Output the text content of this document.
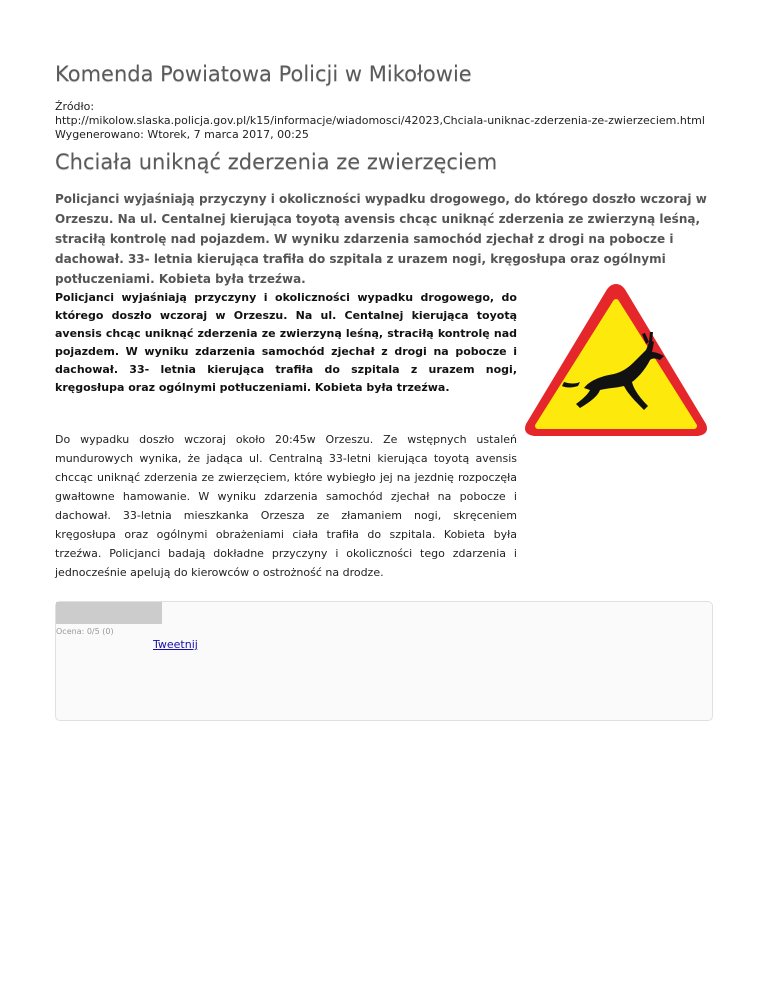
Komenda Powiatowa Policji w Mikołowie
Źródło:
http://mikolow.slaska.policja.gov.pl/k15/informacje/wiadomosci/42023,Chciala-uniknac-zderzenia-ze-zwierzeciem.html
Wygenerowano: Wtorek, 7 marca 2017, 00:25
Chciała uniknąć zderzenia ze zwierzęciem

Policjanci wyjaśniają przyczyny i okoliczności wypadku drogowego, do którego doszło wczoraj w Orzeszu. Na ul. Centalnej kierująca toyotą avensis chcąc uniknąć zderzenia ze zwierzyną leśną, straciłą kontrolę nad pojazdem. W wyniku zdarzenia samochód zjechał z drogi na pobocze i dachował. 33- letnia kierująca trafiła do szpitala z urazem nogi, kręgosłupa oraz ogólnymi potłuczeniami. Kobieta była trzeźwa.

Policjanci wyjaśniają przyczyny i okoliczności wypadku drogowego, do którego doszło wczoraj w Orzeszu. Na ul. Centalnej kierująca toyotą avensis chcąc uniknąć zderzenia ze zwierzyną leśną, straciłą kontrolę nad pojazdem. W wyniku zdarzenia samochód zjechał z drogi na pobocze i dachował. 33- letnia kierująca trafiła do szpitala z urazem nogi, kręgosłupa oraz ogólnymi potłuczeniami. Kobieta była trzeźwa.

Do wypadku doszło wczoraj około 20:45w Orzeszu. Ze wstępnych ustaleń mundurowych wynika, że jadąca ul. Centralną 33-letni kierująca toyotą avensis chccąc uniknąć zderzenia ze zwierzęciem, które wybiegło jej na jezdnię rozpoczęła gwałtowne hamowanie. W wyniku zdarzenia samochód zjechał na pobocze i dachował. 33-letnia mieszkanka Orzesza ze złamaniem nogi, skręceniem kręgosłupa oraz ogólnymi obrażeniami ciała trafiła do szpitala. Kobieta była trzeźwa. Policjanci badają dokładne przyczyny i okoliczności tego zdarzenia i jednocześnie apelują do kierowców o ostrożność na drodze.

Ocena: 0/5 (0)
Tweetnij
